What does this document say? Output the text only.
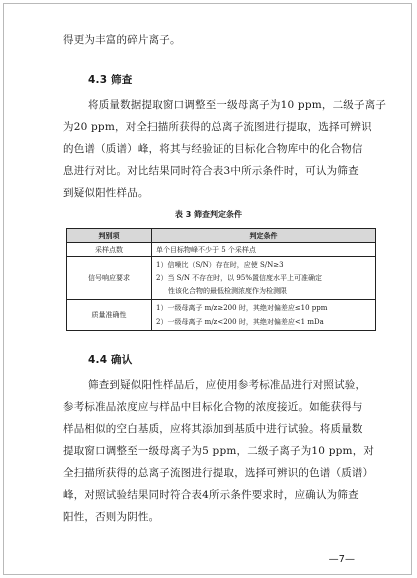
得更为丰富的碎片离子。
4.3 筛查
将质量数据提取窗口调整至一级母离子为10 ppm，二级子离子
为20 ppm，对全扫描所获得的总离子流图进行提取，选择可辨识
的色谱（质谱）峰，将其与经验证的目标化合物库中的化合物信
息进行对比。对比结果同时符合表3中所示条件时，可认为筛查
到疑似阳性样品。
表 3 筛查判定条件
判别项	判定条件
采样点数	单个目标物峰不少于 5 个采样点
信号响应要求	1）信噪比（S/N）存在时，应使 S/N≥3
2）当 S/N 不存在时，以 95%置信度水平上可准确定
性该化合物的最低检测浓度作为检测限

质量准确性	1）一级母离子 m/z≥200 时，其绝对偏差应≤10 ppm
2）一级母离子 m/z<200 时，其绝对偏差应<1 mDa
4.4 确认
筛查到疑似阳性样品后，应使用参考标准品进行对照试验，
参考标准品浓度应与样品中目标化合物的浓度接近。如能获得与
样品相似的空白基质，应将其添加到基质中进行试验。将质量数
提取窗口调整至一级母离子为5 ppm，二级子离子为10 ppm，对
全扫描所获得的总离子流图进行提取，选择可辨识的色谱（质谱）
峰，对照试验结果同时符合表4所示条件要求时，应确认为筛查
阳性，否则为阴性。
—7—
